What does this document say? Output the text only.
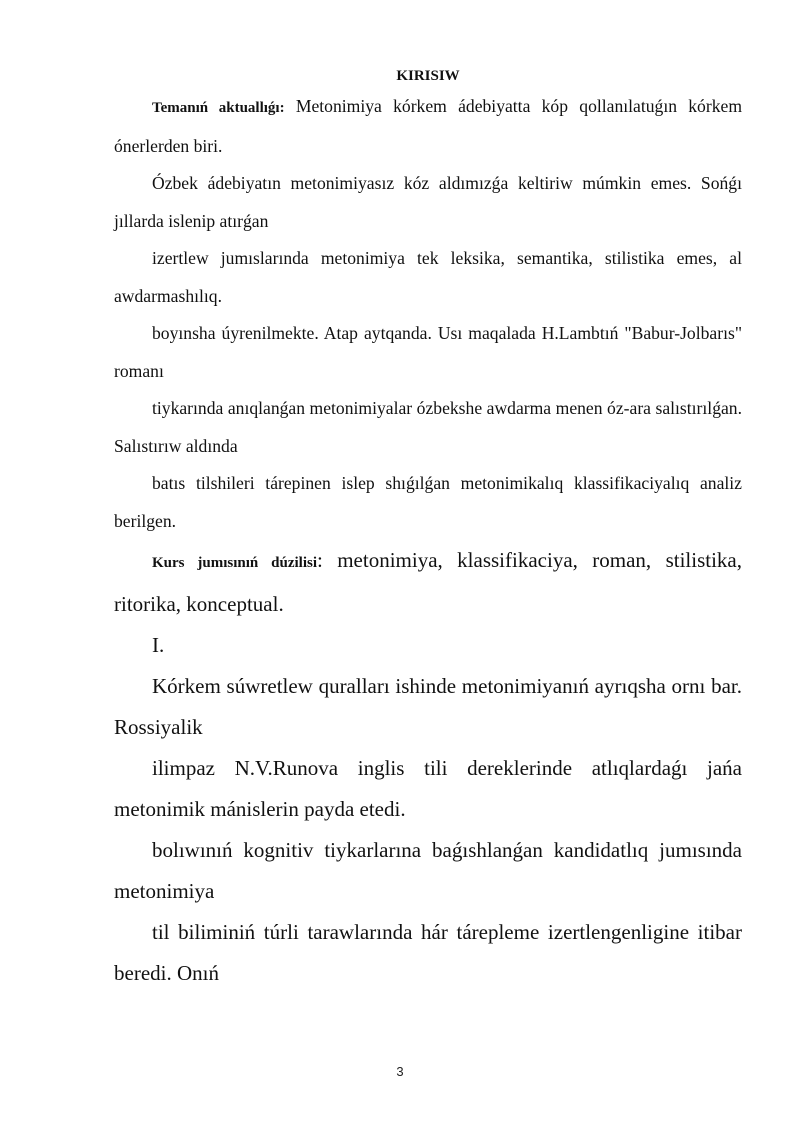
KIRISIW

Temanıń aktuallıǵı: Metonimiya kórkem ádebiyatta kóp qollanılatuǵın kórkem ónerlerden biri.

Ózbek ádebiyatın metonimiyasız kóz aldımızǵa keltiriw múmkin emes. Sońǵı jıllarda islenip atırǵan

izertlew jumıslarında metonimiya tek leksika, semantika, stilistika emes, al awdarmashılıq.

boyınsha úyrenilmekte. Atap aytqanda. Usı maqalada H.Lambtıń "Babur-Jolbarıs" romanı

tiykarında anıqlanǵan metonimiyalar ózbekshe awdarma menen óz-ara salıstırılǵan. Salıstırıw aldında

batıs tilshileri tárepinen islep shıǵılǵan metonimikalıq klassifikaciyalıq analiz berilgen.

Kurs jumısınıń dúzilisi: metonimiya, klassifikaciya, roman, stilistika, ritorika, konceptual.

I.

Kórkem súwretlew quralları ishinde metonimiyanıń ayrıqsha ornı bar. Rossiyalik

ilimpaz N.V.Runova inglis tili dereklerinde atlıqlardaǵı jańa metonimik mánislerin payda etedi.

bolıwınıń kognitiv tiykarlarına baǵıshlanǵan kandidatlıq jumısında metonimiya

til biliminiń túrli tarawlarında hár tárepleme izertlengenligine itibar beredi. Onıń

3
